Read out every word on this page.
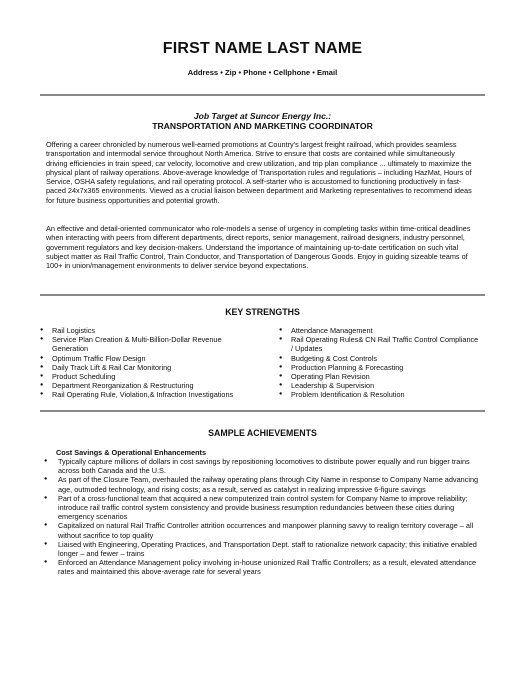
FIRST NAME LAST NAME
Address • Zip • Phone • Cellphone • Email
Job Target at Suncor Energy Inc.:
TRANSPORTATION AND MARKETING COORDINATOR

Offering a career chronicled by numerous well-earned promotions at Country's largest freight railroad, which provides seamless transportation and intermodal service throughout North America. Strive to ensure that costs are contained while simultaneously driving efficiencies in train speed, car velocity, locomotive and crew utilization, and trip plan compliance ... ultimately to maximize the physical plant of railway operations. Above-average knowledge of Transportation rules and regulations – including HazMat, Hours of Service, OSHA safety regulations, and rail operating protocol. A self-starter who is accustomed to functioning productively in fast-paced 24x7x365 environments. Viewed as a crucial liaison between department and Marketing representatives to recommend ideas for future business opportunities and potential growth.

An effective and detail-oriented communicator who role-models a sense of urgency in completing tasks within time-critical deadlines when interacting with peers from different departments, direct reports, senior management, railroad designers, industry personnel, government regulators and key decision-makers. Understand the importance of maintaining up-to-date certification on such vital subject matter as Rail Traffic Control, Train Conductor, and Transportation of Dangerous Goods. Enjoy in guiding sizeable teams of 100+ in union/management environments to deliver service beyond expectations.

KEY STRENGTHS
● Rail Logistics
● Service Plan Creation & Multi-Billion-Dollar Revenue Generation
● Optimum Traffic Flow Design
● Daily Track Lift & Rail Car Monitoring
● Product Scheduling
● Department Reorganization & Restructuring
● Rail Operating Rule, Violation,& Infraction Investigations
● Attendance Management
● Rail Operating Rules& CN Rail Traffic Control Compliance / Updates
● Budgeting & Cost Controls
● Production Planning & Forecasting
● Operating Plan Revision
● Leadership & Supervision
● Problem Identification & Resolution
SAMPLE ACHIEVEMENTS
Cost Savings & Operational Enhancements
● Typically capture millions of dollars in cost savings by repositioning locomotives to distribute power equally and run bigger trains across both Canada and the U.S.
● As part of the Closure Team, overhauled the railway operating plans through City Name in response to Company Name advancing age, outmoded technology, and rising costs; as a result, served as catalyst in realizing impressive 6-figure savings
● Part of a cross-functional team that acquired a new computerized train control system for Company Name to improve reliability; introduce rail traffic control system consistency and provide business resumption redundancies between these cities during emergency scenarios
● Capitalized on natural Rail Traffic Controller attrition occurrences and manpower planning savvy to realign territory coverage – all without sacrifice to top quality
● Liaised with Engineering, Operating Practices, and Transportation Dept. staff to rationalize network capacity; this initiative enabled longer – and fewer – trains
● Enforced an Attendance Management policy involving in-house unionized Rail Traffic Controllers; as a result, elevated attendance rates and maintained this above-average rate for several years
